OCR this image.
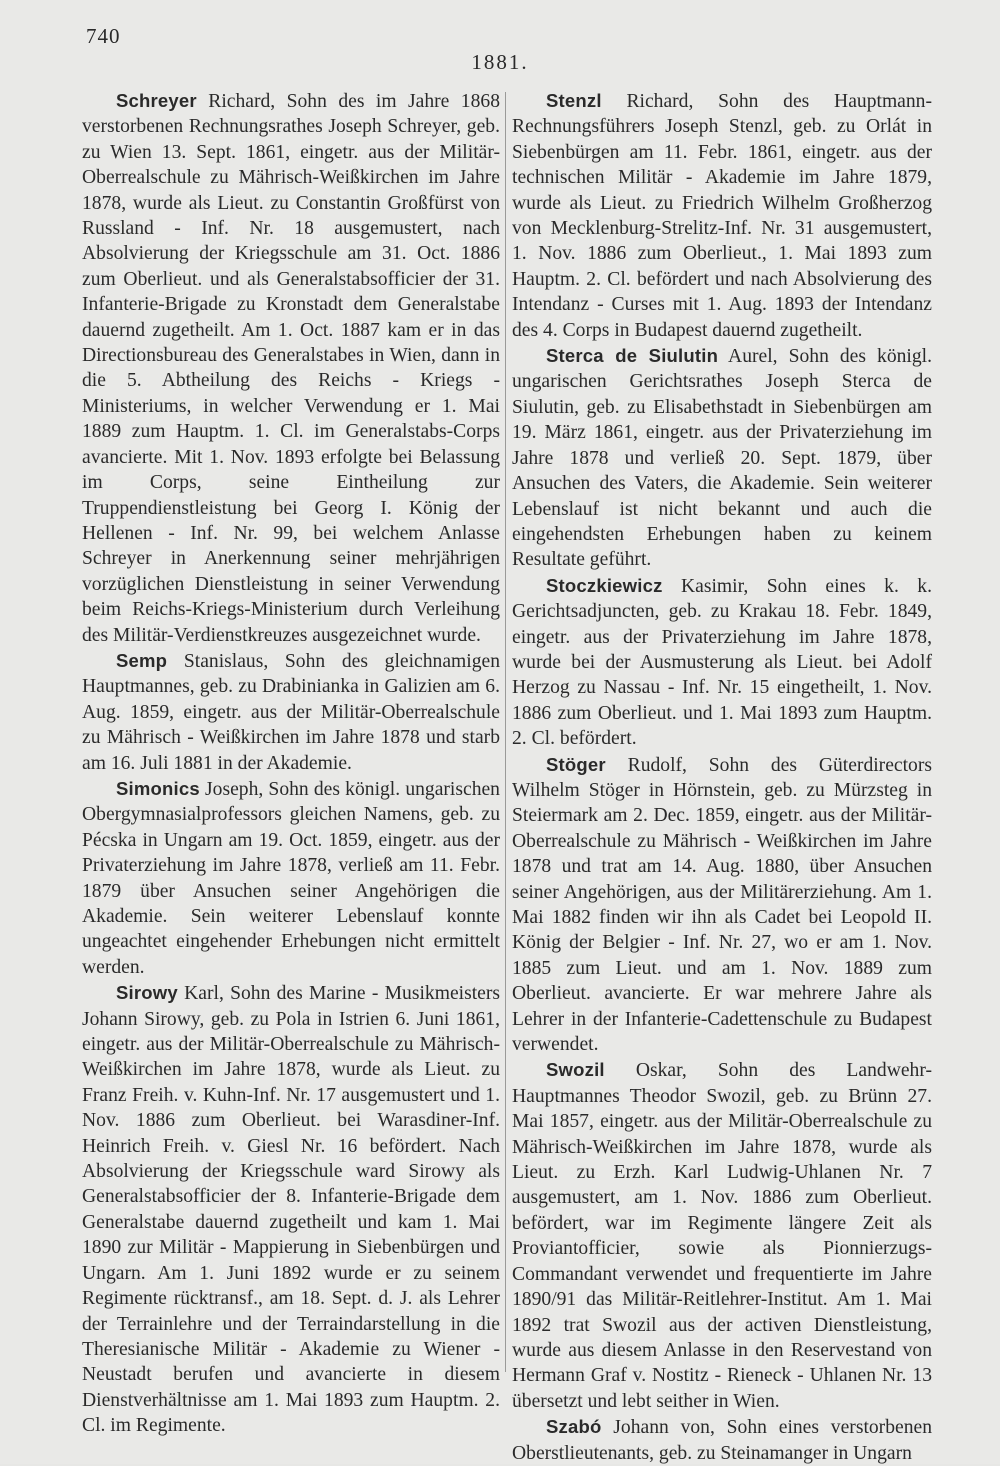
740
1881.

Schreyer Richard, Sohn des im Jahre 1868 verstorbenen Rechnungsrathes Joseph Schreyer, geb. zu Wien 13. Sept. 1861, eingetr. aus der Militär-Oberrealschule zu Mährisch-Weißkirchen im Jahre 1878, wurde als Lieut. zu Constantin Großfürst von Russland - Inf. Nr. 18 ausgemustert, nach Absolvierung der Kriegsschule am 31. Oct. 1886 zum Oberlieut. und als Generalstabsofficier der 31. Infanterie-Brigade zu Kronstadt dem Generalstabe dauernd zugetheilt. Am 1. Oct. 1887 kam er in das Directionsbureau des Generalstabes in Wien, dann in die 5. Abtheilung des Reichs - Kriegs - Ministeriums, in welcher Verwendung er 1. Mai 1889 zum Hauptm. 1. Cl. im Generalstabs-Corps avancierte. Mit 1. Nov. 1893 erfolgte bei Belassung im Corps, seine Eintheilung zur Truppendienstleistung bei Georg I. König der Hellenen - Inf. Nr. 99, bei welchem Anlasse Schreyer in Anerkennung seiner mehrjährigen vorzüglichen Dienstleistung in seiner Verwendung beim Reichs-Kriegs-Ministerium durch Verleihung des Militär-Verdienstkreuzes ausgezeichnet wurde.

Semp Stanislaus, Sohn des gleichnamigen Hauptmannes, geb. zu Drabinianka in Galizien am 6. Aug. 1859, eingetr. aus der Militär-Oberrealschule zu Mährisch - Weißkirchen im Jahre 1878 und starb am 16. Juli 1881 in der Akademie.

Simonics Joseph, Sohn des königl. ungarischen Obergymnasialprofessors gleichen Namens, geb. zu Pécska in Ungarn am 19. Oct. 1859, eingetr. aus der Privaterziehung im Jahre 1878, verließ am 11. Febr. 1879 über Ansuchen seiner Angehörigen die Akademie. Sein weiterer Lebenslauf konnte ungeachtet eingehender Erhebungen nicht ermittelt werden.

Sirowy Karl, Sohn des Marine - Musikmeisters Johann Sirowy, geb. zu Pola in Istrien 6. Juni 1861, eingetr. aus der Militär-Oberrealschule zu Mährisch-Weißkirchen im Jahre 1878, wurde als Lieut. zu Franz Freih. v. Kuhn-Inf. Nr. 17 ausgemustert und 1. Nov. 1886 zum Oberlieut. bei Warasdiner-Inf. Heinrich Freih. v. Giesl Nr. 16 befördert. Nach Absolvierung der Kriegsschule ward Sirowy als Generalstabsofficier der 8. Infanterie-Brigade dem Generalstabe dauernd zugetheilt und kam 1. Mai 1890 zur Militär - Mappierung in Siebenbürgen und Ungarn. Am 1. Juni 1892 wurde er zu seinem Regimente rücktransf., am 18. Sept. d. J. als Lehrer der Terrainlehre und der Terraindarstellung in die Theresianische Militär - Akademie zu Wiener - Neustadt berufen und avancierte in diesem Dienstverhältnisse am 1. Mai 1893 zum Hauptm. 2. Cl. im Regimente.

Stenzl Richard, Sohn des Hauptmann-Rechnungsführers Joseph Stenzl, geb. zu Orlát in Siebenbürgen am 11. Febr. 1861, eingetr. aus der technischen Militär - Akademie im Jahre 1879, wurde als Lieut. zu Friedrich Wilhelm Großherzog von Mecklenburg-Strelitz-Inf. Nr. 31 ausgemustert, 1. Nov. 1886 zum Oberlieut., 1. Mai 1893 zum Hauptm. 2. Cl. befördert und nach Absolvierung des Intendanz - Curses mit 1. Aug. 1893 der Intendanz des 4. Corps in Budapest dauernd zugetheilt.

Sterca de Siulutin Aurel, Sohn des königl. ungarischen Gerichtsrathes Joseph Sterca de Siulutin, geb. zu Elisabethstadt in Siebenbürgen am 19. März 1861, eingetr. aus der Privaterziehung im Jahre 1878 und verließ 20. Sept. 1879, über Ansuchen des Vaters, die Akademie. Sein weiterer Lebenslauf ist nicht bekannt und auch die eingehendsten Erhebungen haben zu keinem Resultate geführt.

Stoczkiewicz Kasimir, Sohn eines k. k. Gerichtsadjuncten, geb. zu Krakau 18. Febr. 1849, eingetr. aus der Privaterziehung im Jahre 1878, wurde bei der Ausmusterung als Lieut. bei Adolf Herzog zu Nassau - Inf. Nr. 15 eingetheilt, 1. Nov. 1886 zum Oberlieut. und 1. Mai 1893 zum Hauptm. 2. Cl. befördert.

Stöger Rudolf, Sohn des Güterdirectors Wilhelm Stöger in Hörnstein, geb. zu Mürzsteg in Steiermark am 2. Dec. 1859, eingetr. aus der Militär-Oberrealschule zu Mährisch - Weißkirchen im Jahre 1878 und trat am 14. Aug. 1880, über Ansuchen seiner Angehörigen, aus der Militärerziehung. Am 1. Mai 1882 finden wir ihn als Cadet bei Leopold II. König der Belgier - Inf. Nr. 27, wo er am 1. Nov. 1885 zum Lieut. und am 1. Nov. 1889 zum Oberlieut. avancierte. Er war mehrere Jahre als Lehrer in der Infanterie-Cadettenschule zu Budapest verwendet.

Swozil Oskar, Sohn des Landwehr-Hauptmannes Theodor Swozil, geb. zu Brünn 27. Mai 1857, eingetr. aus der Militär-Oberrealschule zu Mährisch-Weißkirchen im Jahre 1878, wurde als Lieut. zu Erzh. Karl Ludwig-Uhlanen Nr. 7 ausgemustert, am 1. Nov. 1886 zum Oberlieut. befördert, war im Regimente längere Zeit als Proviantofficier, sowie als Pionnierzugs-Commandant verwendet und frequentierte im Jahre 1890/91 das Militär-Reitlehrer-Institut. Am 1. Mai 1892 trat Swozil aus der activen Dienstleistung, wurde aus diesem Anlasse in den Reservestand von Hermann Graf v. Nostitz - Rieneck - Uhlanen Nr. 13 übersetzt und lebt seither in Wien.

Szabó Johann von, Sohn eines verstorbenen Oberstlieutenants, geb. zu Steinamanger in Ungarn
